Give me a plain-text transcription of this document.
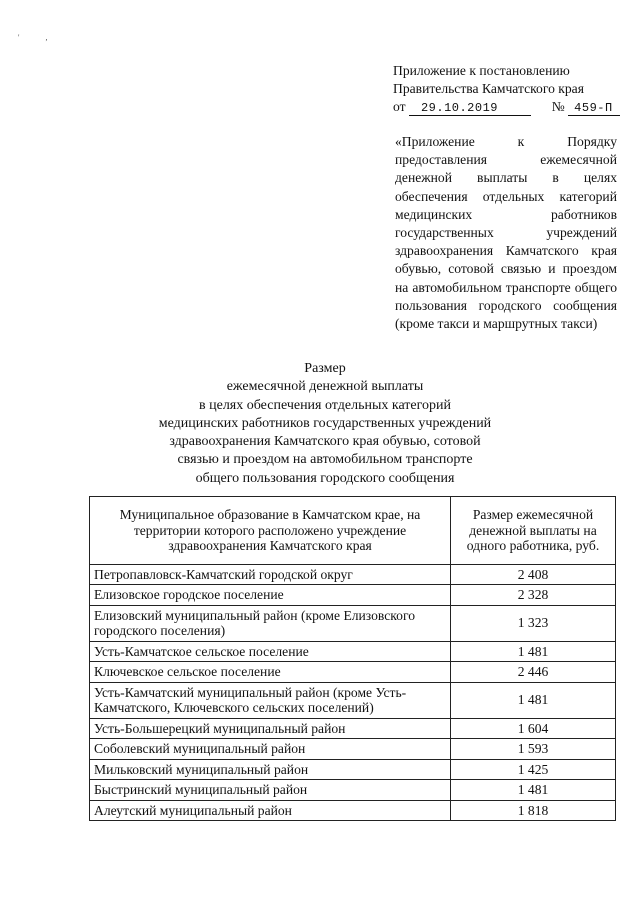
' ,
Приложение к постановлению
Правительства Камчатского края
от 29.10.2019	№ 459-П
«Приложение к Порядку предоставления ежемесячной денежной выплаты в целях обеспечения отдельных категорий медицинских работников государственных учреждений здравоохранения Камчатского края обувью, сотовой связью и проездом на автомобильном транспорте общего пользования городского сообщения (кроме такси и маршрутных такси)
Размер
ежемесячной денежной выплаты
в целях обеспечения отдельных категорий
медицинских работников государственных учреждений
здравоохранения Камчатского края обувью, сотовой
связью и проездом на автомобильном транспорте
общего пользования городского сообщения
Муниципальное образование в Камчатском крае, на территории которого расположено учреждение здравоохранения Камчатского края	Размер ежемесячной денежной выплаты на одного работника, руб.
Петропавловск-Камчатский городской округ	2 408
Елизовское городское поселение	2 328
Елизовский муниципальный район (кроме Елизовского городского поселения)	1 323
Усть-Камчатское сельское поселение	1 481
Ключевское сельское поселение	2 446
Усть-Камчатский муниципальный район (кроме Усть-Камчатского, Ключевского сельских поселений)	1 481
Усть-Большерецкий муниципальный район	1 604
Соболевский муниципальный район	1 593
Мильковский муниципальный район	1 425
Быстринский муниципальный район	1 481
Алеутский муниципальный район	1 818
